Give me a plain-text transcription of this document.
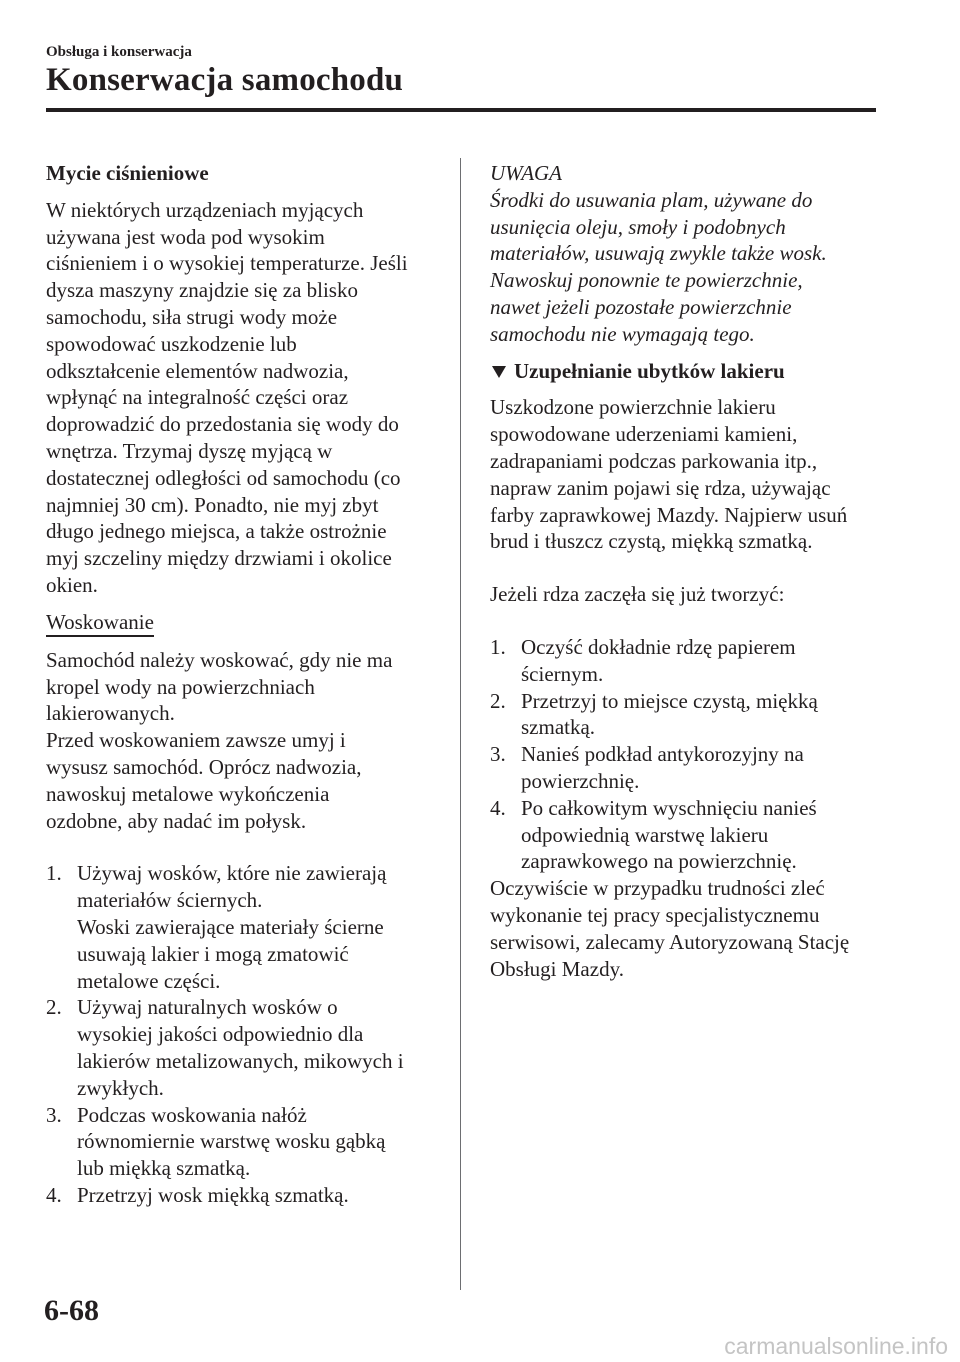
Obsługa i konserwacja
Konserwacja samochodu

Mycie ciśnieniowe

W niektórych urządzeniach myjących
używana jest woda pod wysokim
ciśnieniem i o wysokiej temperaturze. Jeśli
dysza maszyny znajdzie się za blisko
samochodu, siła strugi wody może
spowodować uszkodzenie lub
odkształcenie elementów nadwozia,
wpłynąć na integralność części oraz
doprowadzić do przedostania się wody do
wnętrza. Trzymaj dyszę myjącą w
dostatecznej odległości od samochodu (co
najmniej 30 cm). Ponadto, nie myj zbyt
długo jednego miejsca, a także ostrożnie
myj szczeliny między drzwiami i okolice
okien.

Woskowanie

Samochód należy woskować, gdy nie ma
kropel wody na powierzchniach
lakierowanych.
Przed woskowaniem zawsze umyj i
wysusz samochód. Oprócz nadwozia,
nawoskuj metalowe wykończenia
ozdobne, aby nadać im połysk.

1. Używaj wosków, które nie zawierają
materiałów ściernych.
Woski zawierające materiały ścierne
usuwają lakier i mogą zmatowić
metalowe części.
2. Używaj naturalnych wosków o
wysokiej jakości odpowiednio dla
lakierów metalizowanych, mikowych i
zwykłych.
3. Podczas woskowania nałóż
równomiernie warstwę wosku gąbką
lub miękką szmatką.
4. Przetrzyj wosk miękką szmatką.

UWAGA

Środki do usuwania plam, używane do
usunięcia oleju, smoły i podobnych
materiałów, usuwają zwykle także wosk.
Nawoskuj ponownie te powierzchnie,
nawet jeżeli pozostałe powierzchnie
samochodu nie wymagają tego.

Uzupełnianie ubytków lakieru

Uszkodzone powierzchnie lakieru
spowodowane uderzeniami kamieni,
zadrapaniami podczas parkowania itp.,
napraw zanim pojawi się rdza, używając
farby zaprawkowej Mazdy. Najpierw usuń
brud i tłuszcz czystą, miękką szmatką.

Jeżeli rdza zaczęła się już tworzyć:

1. Oczyść dokładnie rdzę papierem
ściernym.
2. Przetrzyj to miejsce czystą, miękką
szmatką.
3. Nanieś podkład antykorozyjny na
powierzchnię.
4. Po całkowitym wyschnięciu nanieś
odpowiednią warstwę lakieru
zaprawkowego na powierzchnię.

Oczywiście w przypadku trudności zleć
wykonanie tej pracy specjalistycznemu
serwisowi, zalecamy Autoryzowaną Stację
Obsługi Mazdy.

6-68
carmanualsonline.info
